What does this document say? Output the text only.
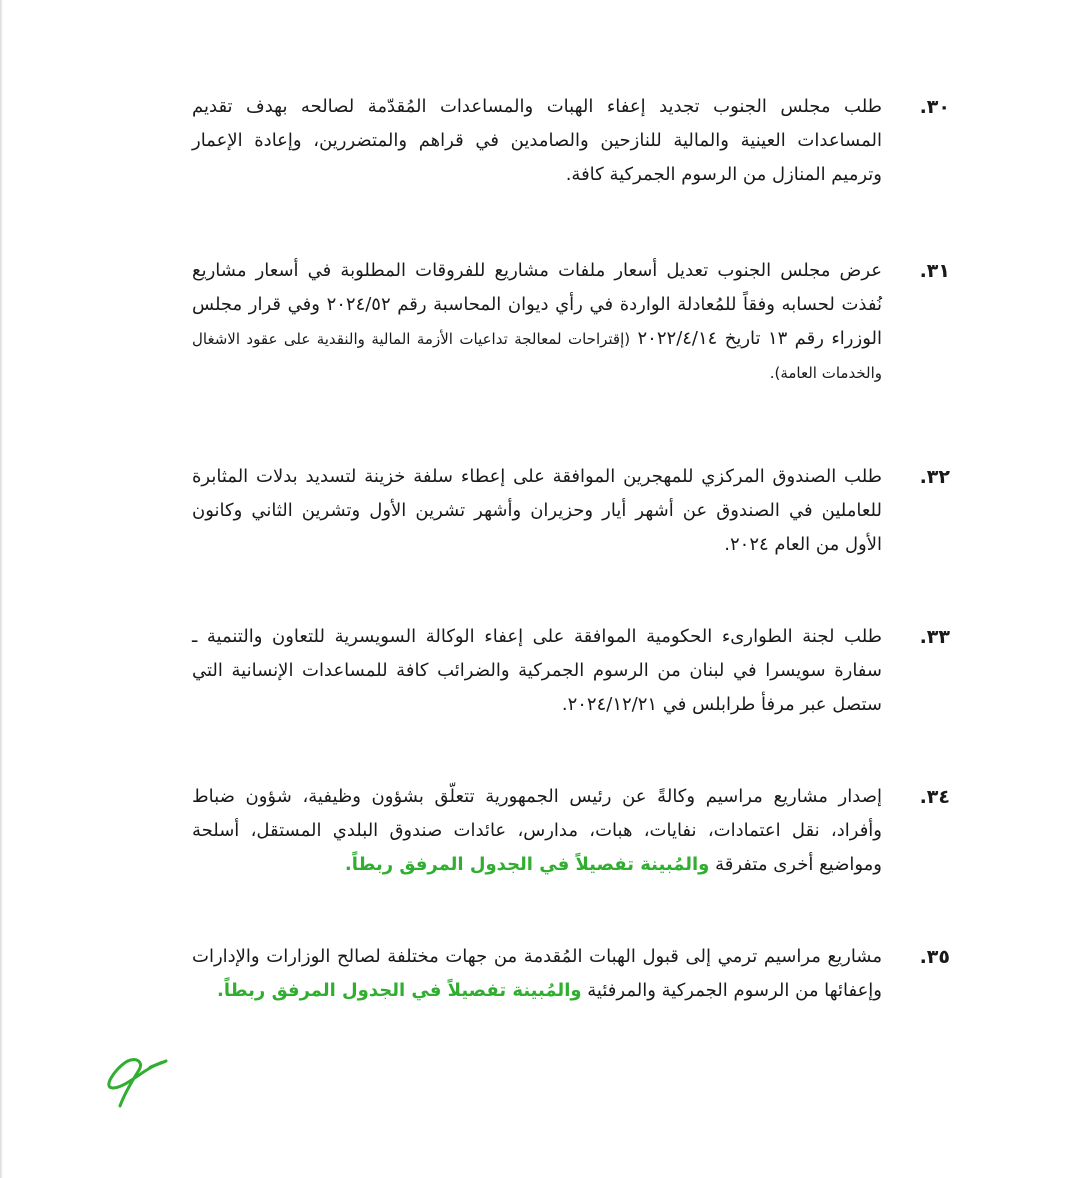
٣٠.

طلب مجلس الجنوب تجديد إعفاء الهبات والمساعدات المُقدّمة لصالحه بهدف تقديم المساعدات العينية والمالية للنازحين والصامدين في قراهم والمتضررين، وإعادة الإعمار وترميم المنازل من الرسوم الجمركية كافة.

٣١.

عرض مجلس الجنوب تعديل أسعار ملفات مشاريع للفروقات المطلوبة في أسعار مشاريع نُفذت لحسابه وفقاً للمُعادلة الواردة في رأي ديوان المحاسبة رقم ٢٠٢٤/٥٢ وفي قرار مجلس الوزراء رقم ١٣ تاريخ ٢٠٢٢/٤/١٤ (إقتراحات لمعالجة تداعيات الأزمة المالية والنقدية على عقود الاشغال والخدمات العامة).

٣٢.

طلب الصندوق المركزي للمهجرين الموافقة على إعطاء سلفة خزينة لتسديد بدلات المثابرة للعاملين في الصندوق عن أشهر أيار وحزيران وأشهر تشرين الأول وتشرين الثاني وكانون الأول من العام ٢٠٢٤.

٣٣.

طلب لجنة الطوارىء الحكومية الموافقة على إعفاء الوكالة السويسرية للتعاون والتنمية ـ سفارة سويسرا في لبنان من الرسوم الجمركية والضرائب كافة للمساعدات الإنسانية التي ستصل عبر مرفأ طرابلس في ٢٠٢٤/١٢/٢١.

٣٤.

إصدار مشاريع مراسيم وكالةً عن رئيس الجمهورية تتعلّق بشؤون وظيفية، شؤون ضباط وأفراد، نقل اعتمادات، نفايات، هبات، مدارس، عائدات صندوق البلدي المستقل، أسلحة ومواضيع أخرى متفرقة والمُبينة تفصيلاً في الجدول المرفق ربطاً.

٣٥.

مشاريع مراسيم ترمي إلى قبول الهبات المُقدمة من جهات مختلفة لصالح الوزارات والإدارات وإعفائها من الرسوم الجمركية والمرفئية والمُبينة تفصيلاً في الجدول المرفق ربطاً.
